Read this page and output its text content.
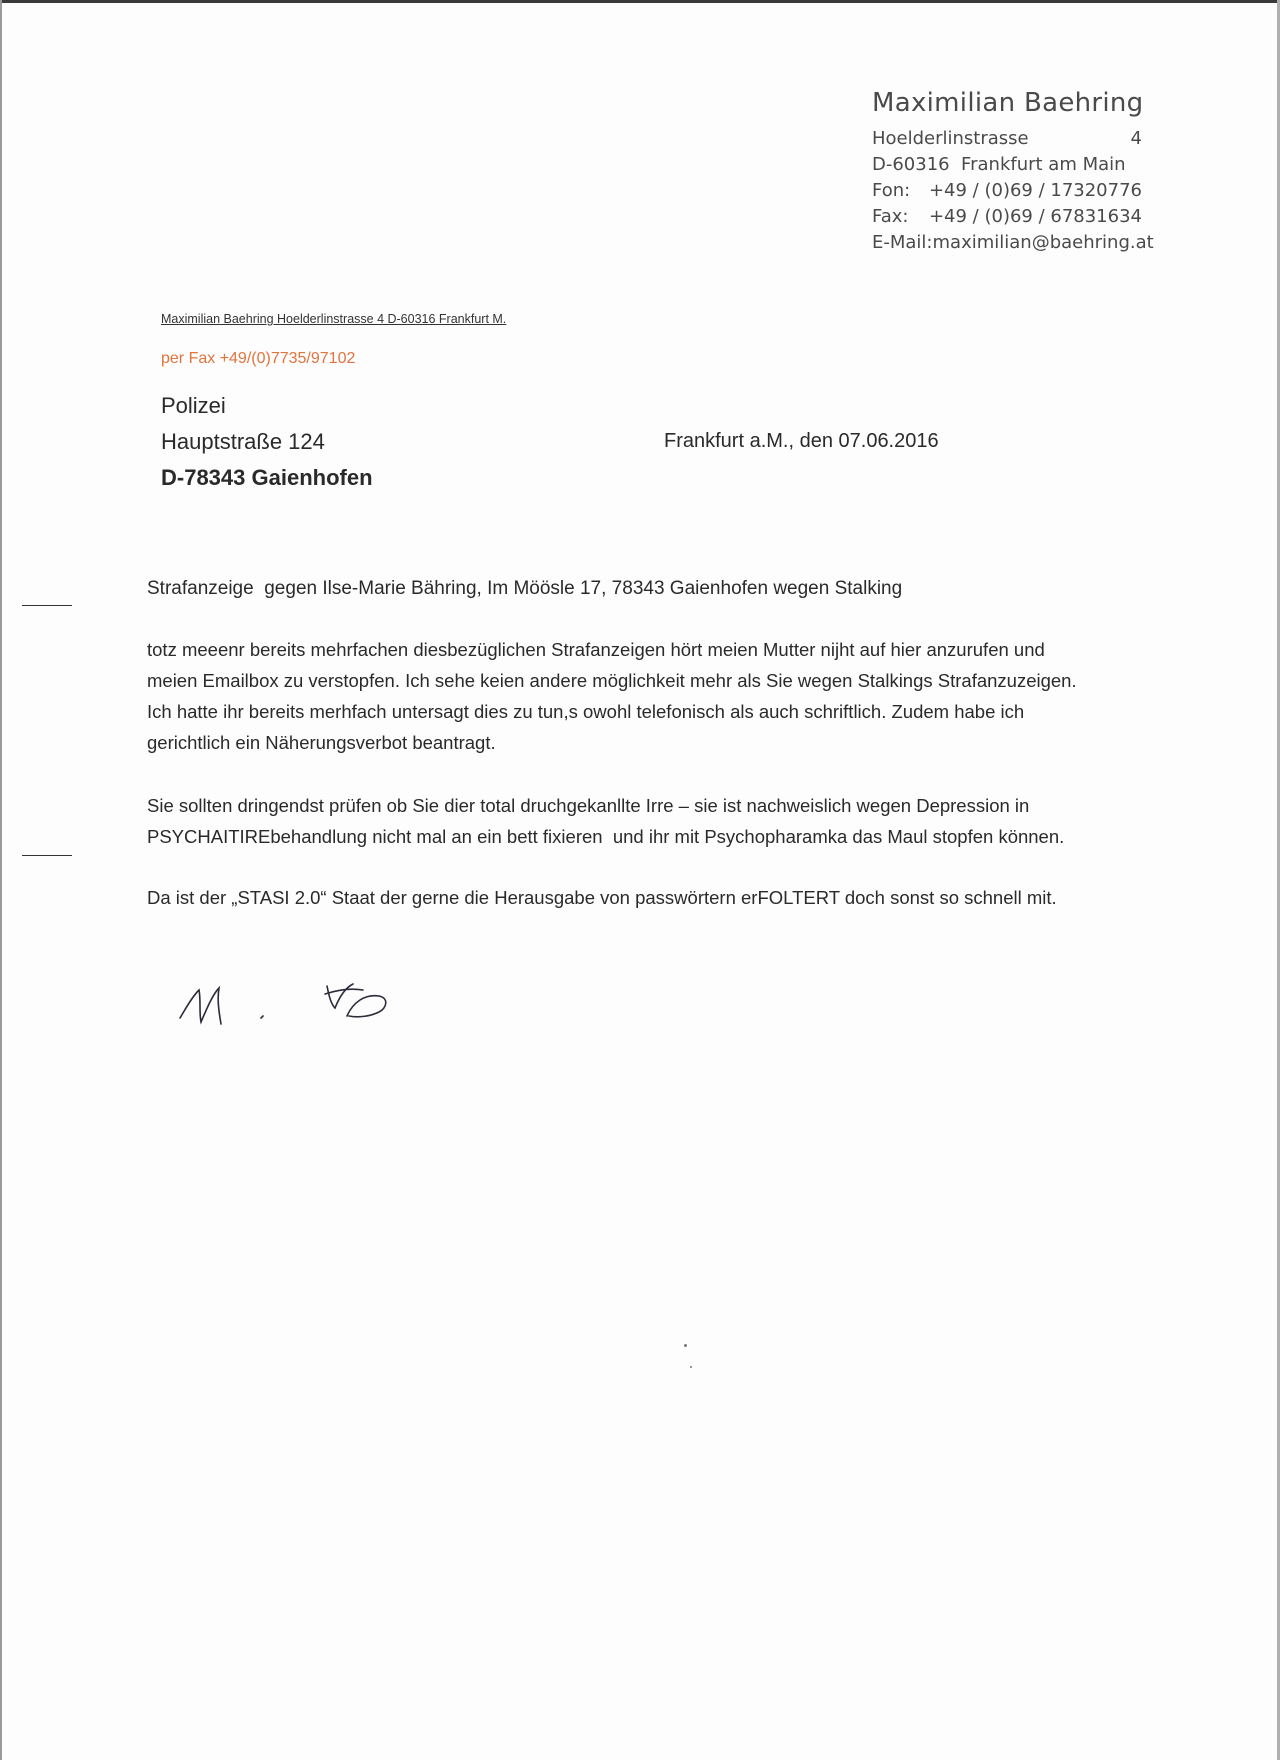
Maximilian Baehring
Hoelderlinstrasse	4
D-60316  Frankfurt am Main
Fon: +49 / (0)69 / 17320776
Fax: +49 / (0)69 / 67831634
E-Mail: maximilian@baehring.at
Maximilian Baehring Hoelderlinstrasse 4 D-60316 Frankfurt M.
per Fax +49/(0)7735/97102
Polizei
Hauptstraße 124
D-78343 Gaienhofen
Frankfurt a.M., den 07.06.2016
Strafanzeige  gegen Ilse-Marie Bähring, Im Möösle 17, 78343 Gaienhofen wegen Stalking

totz meeenr bereits mehrfachen diesbezüglichen Strafanzeigen hört meien Mutter nijht auf hier anzurufen und

meien Emailbox zu verstopfen. Ich sehe keien andere möglichkeit mehr als Sie wegen Stalkings Strafanzuzeigen.

Ich hatte ihr bereits merhfach untersagt dies zu tun,s owohl telefonisch als auch schriftlich. Zudem habe ich

gerichtlich ein Näherungsverbot beantragt.

Sie sollten dringendst prüfen ob Sie dier total druchgekanllte Irre – sie ist nachweislich wegen Depression in

PSYCHAITIREbehandlung nicht mal an ein bett fixieren  und ihr mit Psychopharamka das Maul stopfen können.

Da ist der „STASI 2.0“ Staat der gerne die Herausgabe von passwörtern erFOLTERT doch sonst so schnell mit.
